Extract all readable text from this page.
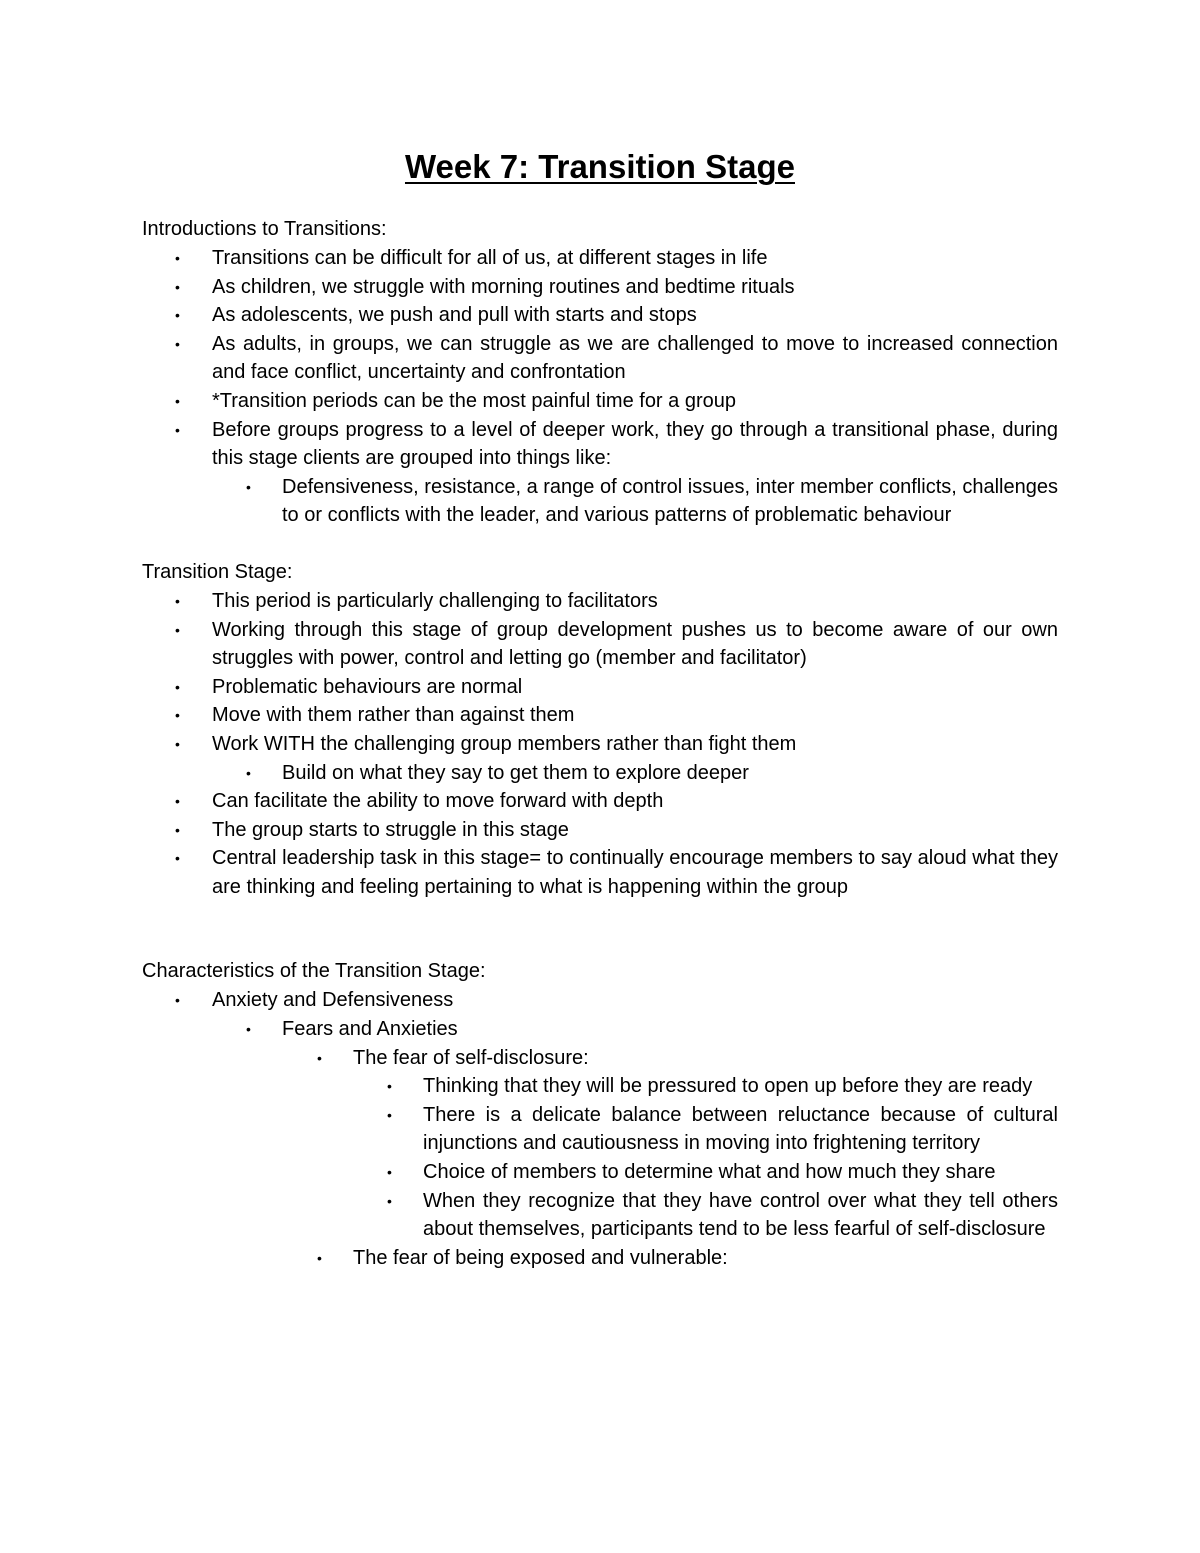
Week 7: Transition Stage

Introductions to Transitions:

•	Transitions can be difficult for all of us, at different stages in life
•	As children, we struggle with morning routines and bedtime rituals
•	As adolescents, we push and pull with starts and stops
•	As adults, in groups, we can struggle as we are challenged to move to increased connection and face conflict, uncertainty and confrontation
•	*Transition periods can be the most painful time for a group
•	Before groups progress to a level of deeper work, they go through a transitional phase, during this stage clients are grouped into things like:
•	Defensiveness, resistance, a range of control issues, inter member conflicts, challenges to or conflicts with the leader, and various patterns of problematic behaviour

Transition Stage:

•	This period is particularly challenging to facilitators
•	Working through this stage of group development pushes us to become aware of our own struggles with power, control and letting go (member and facilitator)
•	Problematic behaviours are normal
•	Move with them rather than against them
•	Work WITH the challenging group members rather than fight them
•	Build on what they say to get them to explore deeper
•	Can facilitate the ability to move forward with depth
•	The group starts to struggle in this stage
•	Central leadership task in this stage= to continually encourage members to say aloud what they are thinking and feeling pertaining to what is happening within the group

Characteristics of the Transition Stage:

•	Anxiety and Defensiveness
•	Fears and Anxieties
•	The fear of self-disclosure:
•	Thinking that they will be pressured to open up before they are ready
•	There is a delicate balance between reluctance because of cultural injunctions and cautiousness in moving into frightening territory
•	Choice of members to determine what and how much they share
•	When they recognize that they have control over what they tell others about themselves, participants tend to be less fearful of self-disclosure
•	The fear of being exposed and vulnerable:
